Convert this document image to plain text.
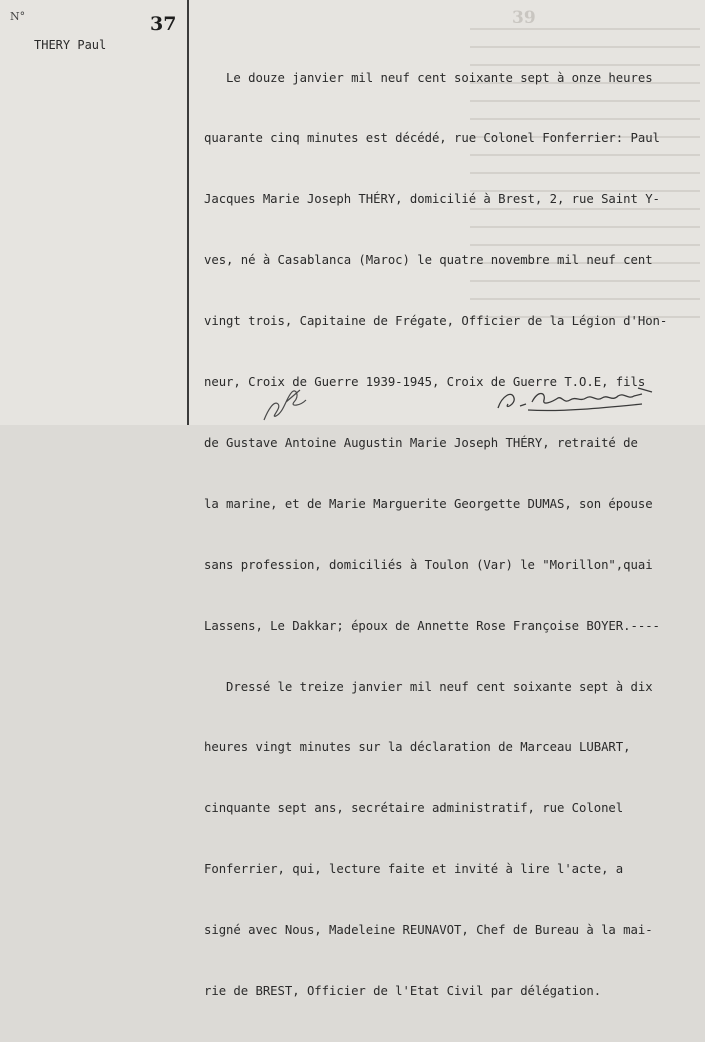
39
N°	37
THERY Paul

Le douze janvier mil neuf cent soixante sept à onze heures

quarante cinq minutes est décédé, rue Colonel Fonferrier: Paul

Jacques Marie Joseph THÉRY, domicilié à Brest, 2, rue Saint Y-

ves, né à Casablanca (Maroc) le quatre novembre mil neuf cent

vingt trois, Capitaine de Frégate, Officier de la Légion d'Hon-

neur, Croix de Guerre 1939-1945, Croix de Guerre T.O.E, fils

de Gustave Antoine Augustin Marie Joseph THÉRY, retraité de

la marine, et de Marie Marguerite Georgette DUMAS, son épouse

sans profession, domiciliés à Toulon (Var) le "Morillon",quai

Lassens, Le Dakkar; époux de Annette Rose Françoise BOYER.----

Dressé le treize janvier mil neuf cent soixante sept à dix

heures vingt minutes sur la déclaration de Marceau LUBART,

cinquante sept ans, secrétaire administratif, rue Colonel

Fonferrier, qui, lecture faite et invité à lire l'acte, a

signé avec Nous, Madeleine REUNAVOT, Chef de Bureau à la mai-

rie de BREST, Officier de l'Etat Civil par délégation.
